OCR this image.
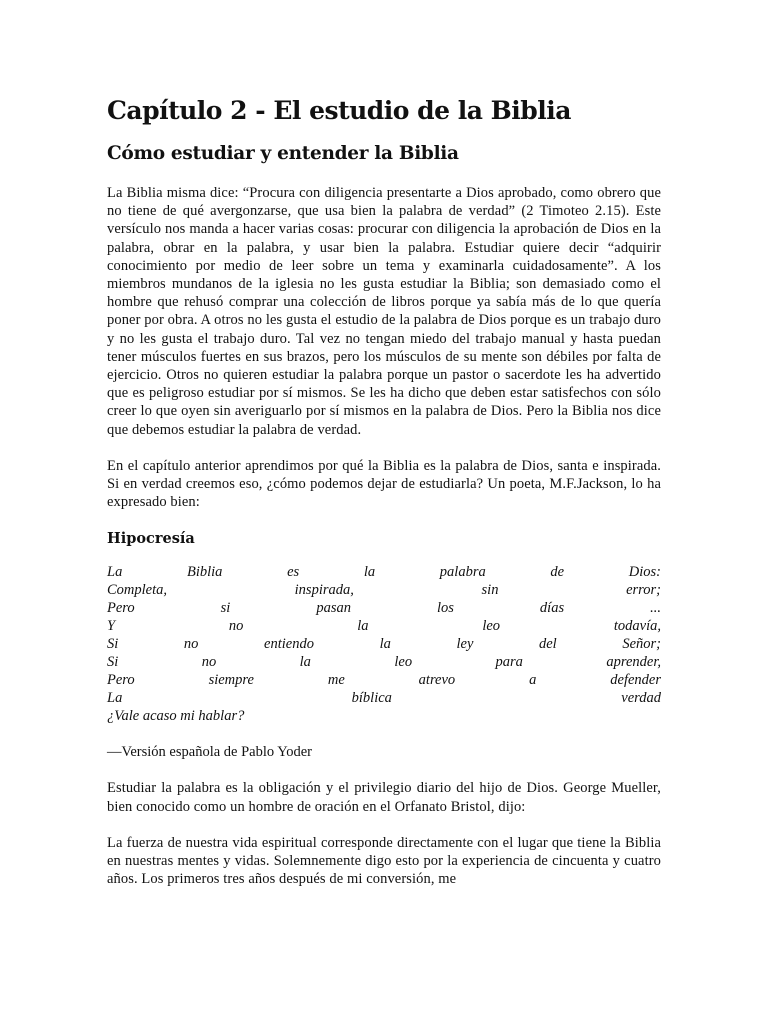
Capítulo 2 - El estudio de la Biblia
Cómo estudiar y entender la Biblia

La Biblia misma dice: “Procura con diligencia presentarte a Dios aprobado, como obrero que no tiene de qué avergonzarse, que usa bien la palabra de verdad” (2 Timoteo 2.15). Este versículo nos manda a hacer varias cosas: procurar con diligencia la aprobación de Dios en la palabra, obrar en la palabra, y usar bien la palabra. Estudiar quiere decir “adquirir conocimiento por medio de leer sobre un tema y examinarla cuidadosamente”. A los miembros mundanos de la iglesia no les gusta estudiar la Biblia; son demasiado como el hombre que rehusó comprar una colección de libros porque ya sabía más de lo que quería poner por obra. A otros no les gusta el estudio de la palabra de Dios porque es un trabajo duro y no les gusta el trabajo duro. Tal vez no tengan miedo del trabajo manual y hasta puedan tener músculos fuertes en sus brazos, pero los músculos de su mente son débiles por falta de ejercicio. Otros no quieren estudiar la palabra porque un pastor o sacerdote les ha advertido que es peligroso estudiar por sí mismos. Se les ha dicho que deben estar satisfechos con sólo creer lo que oyen sin averiguarlo por sí mismos en la palabra de Dios. Pero la Biblia nos dice que debemos estudiar la palabra de verdad.

En el capítulo anterior aprendimos por qué la Biblia es la palabra de Dios, santa e inspirada. Si en verdad creemos eso, ¿cómo podemos dejar de estudiarla? Un poeta, M.F.Jackson, lo ha expresado bien:

Hipocresía
La Biblia es la palabra de Dios:
Completa, inspirada, sin error;
Pero si pasan los días ...
Y no la leo todavía,
Si no entiendo la ley del Señor;
Si no la leo para aprender,
Pero siempre me atrevo a defender
La bíblica verdad
¿Vale acaso mi hablar?
—Versión española de Pablo Yoder

Estudiar la palabra es la obligación y el privilegio diario del hijo de Dios. George Mueller, bien conocido como un hombre de oración en el Orfanato Bristol, dijo:

La fuerza de nuestra vida espiritual corresponde directamente con el lugar que tiene la Biblia en nuestras mentes y vidas. Solemnemente digo esto por la experiencia de cincuenta y cuatro años. Los primeros tres años después de mi conversión, me
